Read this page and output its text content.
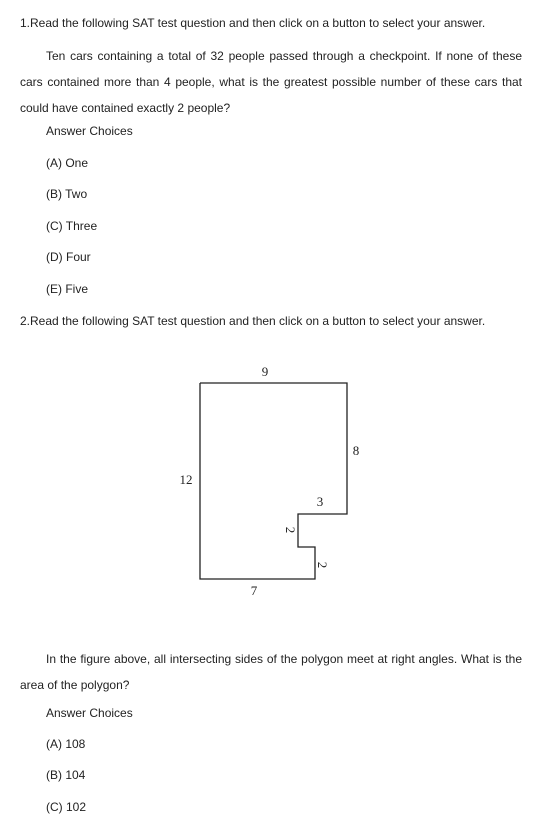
1.Read the following SAT test question and then click on a button to select your answer.
Ten cars containing a total of 32 people passed through a checkpoint. If none of these cars contained more than 4 people, what is the greatest possible number of these cars that could have contained exactly 2 people?
Answer Choices
(A) One
(B) Two
(C) Three
(D) Four
(E) Five
2.Read the following SAT test question and then click on a button to select your answer.
9
12
8
3
2
2
7
In the figure above, all intersecting sides of the polygon meet at right angles. What is the area of the polygon?
Answer Choices
(A) 108
(B) 104
(C) 102
